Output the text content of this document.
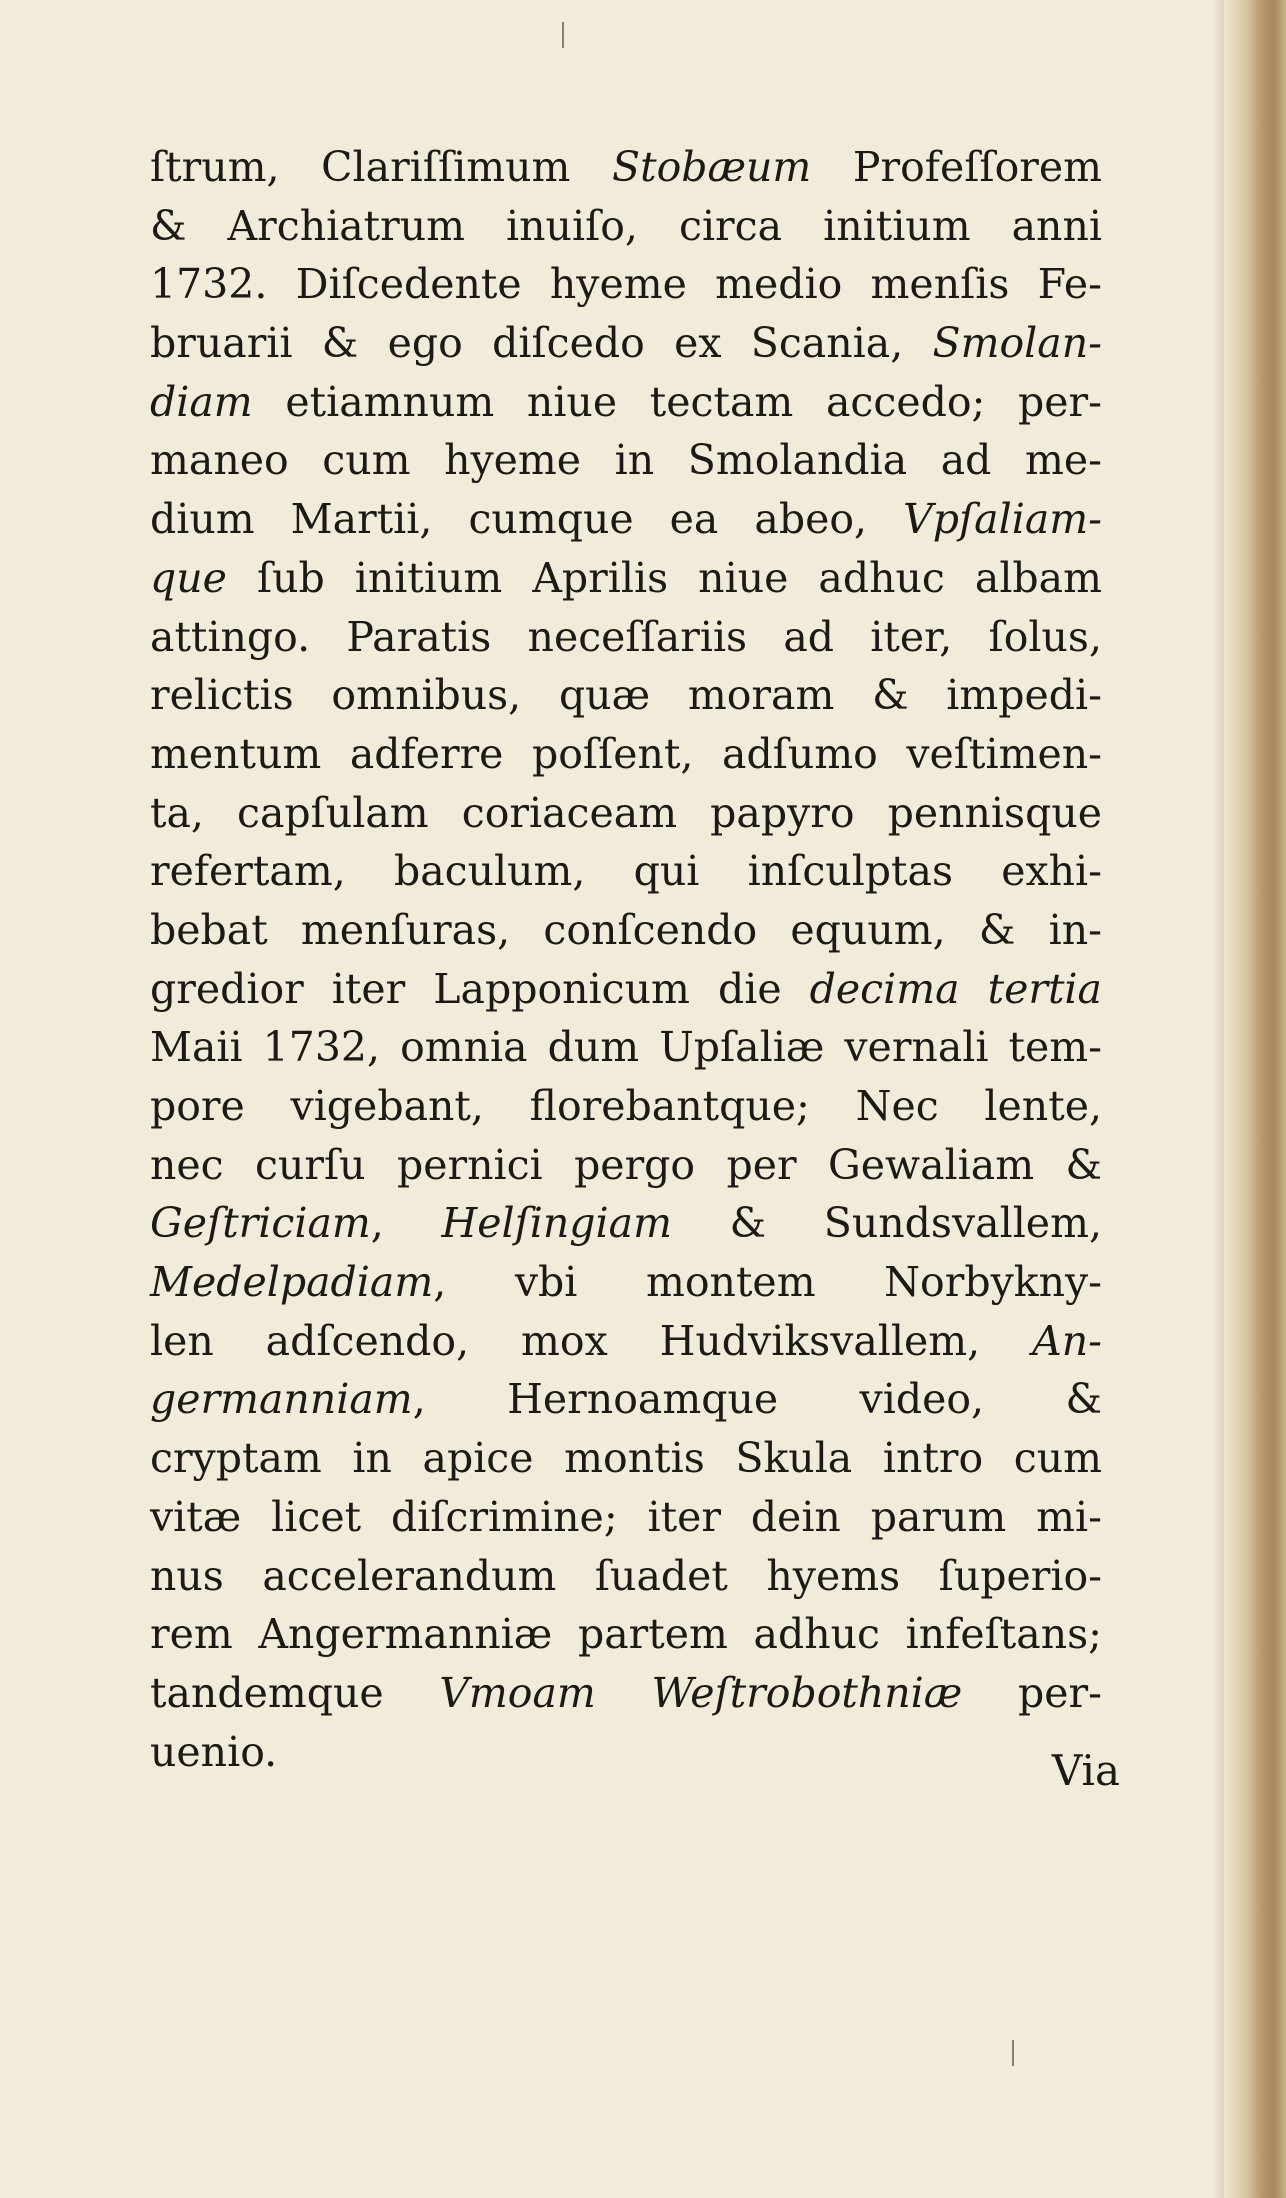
ſtrum, Clariſſimum Stobæum Profeſſorem
& Archiatrum inuiſo, circa initium anni
1732. Diſcedente hyeme medio menſis Fe-
bruarii & ego diſcedo ex Scania, Smolan-
diam etiamnum niue tectam accedo; per-
maneo cum hyeme in Smolandia ad me-
dium Martii, cumque ea abeo, Vpſaliam-
que ſub initium Aprilis niue adhuc albam
attingo. Paratis neceſſariis ad iter, ſolus,
relictis omnibus, quæ moram & impedi-
mentum adferre poſſent, adſumo veſtimen-
ta, capſulam coriaceam papyro pennisque
refertam, baculum, qui inſculptas exhi-
bebat menſuras, conſcendo equum, & in-
gredior iter Lapponicum die decima tertia
Maii 1732, omnia dum Upſaliæ vernali tem-
pore vigebant, florebantque; Nec lente,
nec curſu pernici pergo per Gewaliam &
Geſtriciam, Helſingiam & Sundsvallem,
Medelpadiam, vbi montem Norbykny-
len adſcendo, mox Hudviksvallem, An-
germanniam, Hernoamque video, &
cryptam in apice montis Skula intro cum
vitæ licet diſcrimine; iter dein parum mi-
nus accelerandum ſuadet hyems ſuperio-
rem Angermanniæ partem adhuc infeſtans;
tandemque Vmoam Weſtrobothniæ per-
uenio.	Via
